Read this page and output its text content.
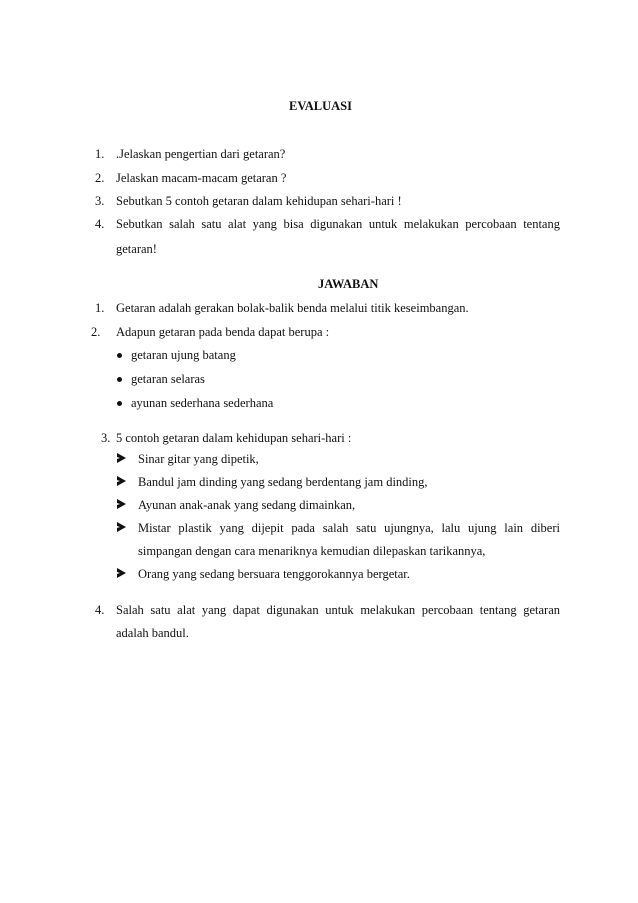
EVALUASI
1. .Jelaskan pengertian dari getaran?
2. Jelaskan macam-macam getaran ?
3. Sebutkan 5 contoh getaran dalam kehidupan sehari-hari !
4. Sebutkan salah satu alat yang bisa digunakan untuk melakukan percobaan tentang
getaran!
JAWABAN
1. Getaran adalah gerakan bolak-balik benda melalui titik keseimbangan.
2. Adapun getaran pada benda dapat berupa :
getaran ujung batang
getaran selaras
ayunan sederhana sederhana
3. 5 contoh getaran dalam kehidupan sehari-hari :
Sinar gitar yang dipetik,
Bandul jam dinding yang sedang berdentang jam dinding,
Ayunan anak-anak yang sedang dimainkan,
Mistar plastik yang dijepit pada salah satu ujungnya, lalu ujung lain diberi
simpangan dengan cara menariknya kemudian dilepaskan tarikannya,
Orang yang sedang bersuara tenggorokannya bergetar.
4. Salah satu alat yang dapat digunakan untuk melakukan percobaan tentang getaran
adalah bandul.
